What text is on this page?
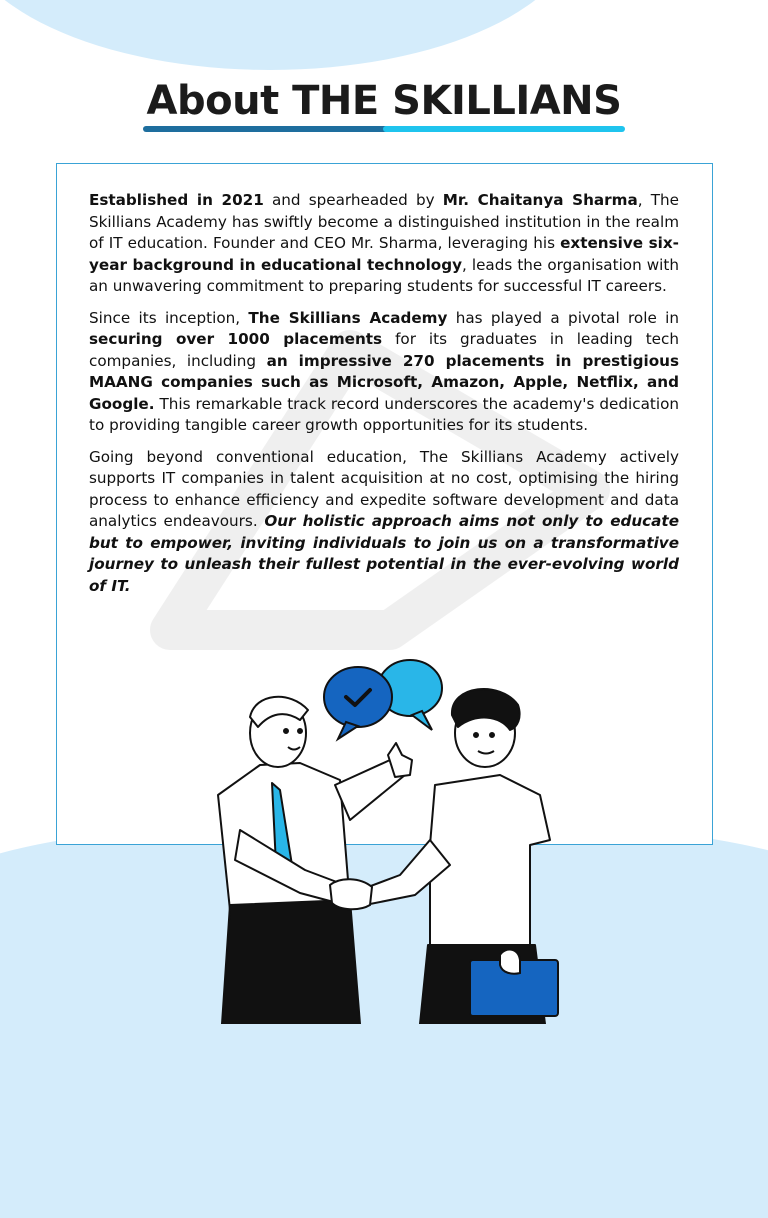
About THE SKILLIANS

Established in 2021 and spearheaded by Mr. Chaitanya Sharma, The Skillians Academy has swiftly become a distinguished institution in the realm of IT education. Founder and CEO Mr. Sharma, leveraging his extensive six-year background in educational technology, leads the organisation with an unwavering commitment to preparing students for successful IT careers.

Since its inception, The Skillians Academy has played a pivotal role in securing over 1000 placements for its graduates in leading tech companies, including an impressive 270 placements in prestigious MAANG companies such as Microsoft, Amazon, Apple, Netflix, and Google. This remarkable track record underscores the academy's dedication to providing tangible career growth opportunities for its students.

Going beyond conventional education, The Skillians Academy actively supports IT companies in talent acquisition at no cost, optimising the hiring process to enhance efficiency and expedite software development and data analytics endeavours. Our holistic approach aims not only to educate but to empower, inviting individuals to join us on a transformative journey to unleash their fullest potential in the ever-evolving world of IT.
